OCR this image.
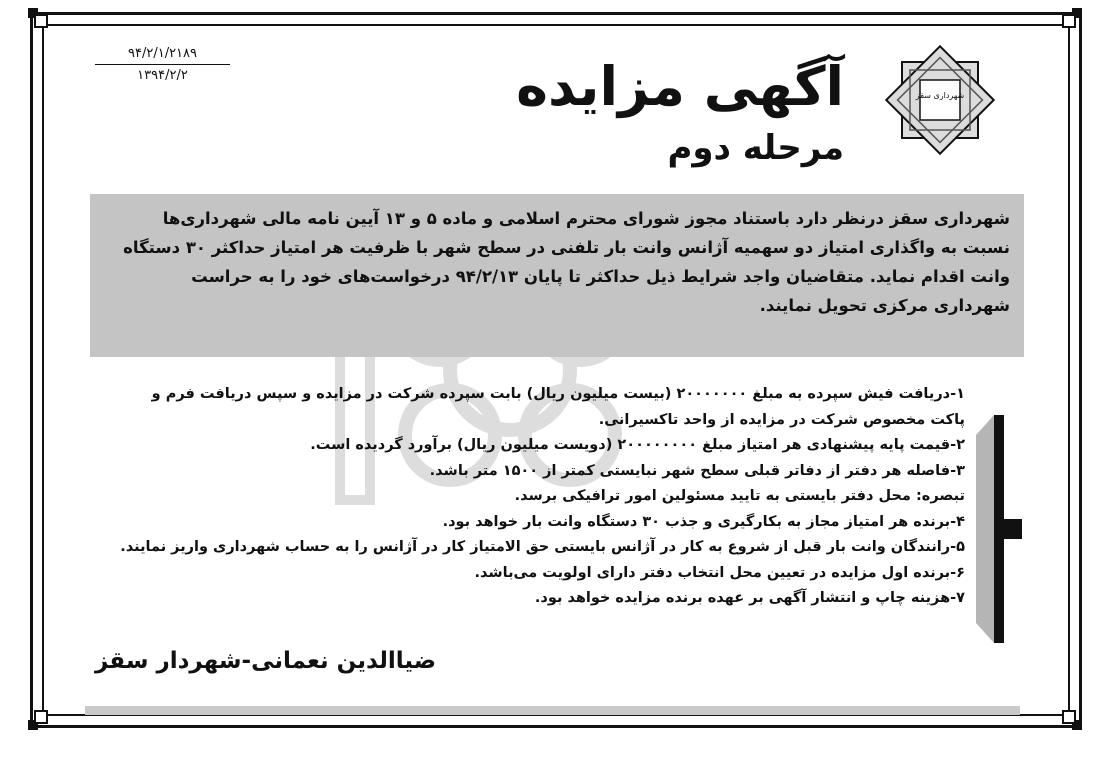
۹۴/۲/۱/۲۱۸۹
۱۳۹۴/۲/۲	آگهی مزایده
مرحله دوم
شهرداری سقز
شهرداری سقز درنظر دارد باستناد مجوز شورای محترم اسلامی و ماده ۵ و ۱۳ آیین نامه مالی شهرداری‌ها
نسبت به واگذاری امتیاز دو سهمیه آژانس وانت بار تلفنی در سطح شهر با ظرفیت هر امتیاز حداکثر ۳۰ دستگاه
وانت اقدام نماید. متقاضیان واجد شرایط ذیل حداکثر تا پایان ۹۴/۲/۱۳ درخواست‌های خود را به حراست
شهرداری مرکزی تحویل نمایند.
۱-دریافت فیش سپرده به مبلغ ۲۰۰۰۰۰۰۰ (بیست میلیون ریال) بابت سپرده شرکت در مزایده و سپس دریافت فرم و
پاکت مخصوص شرکت در مزایده از واحد تاکسیرانی.
۲-قیمت پایه پیشنهادی هر امتیاز مبلغ ۲۰۰۰۰۰۰۰۰ (دویست میلیون ریال) برآورد گردیده است.
۳-فاصله هر دفتر از دفاتر قبلی سطح شهر نبایستی کمتر از ۱۵۰۰ متر باشد.
تبصره: محل دفتر بایستی به تایید مسئولین امور ترافیکی برسد.
۴-برنده هر امتیاز مجاز به بکارگیری و جذب ۳۰ دستگاه وانت بار خواهد بود.
۵-رانندگان وانت بار قبل از شروع به کار در آژانس بایستی حق الامتیاز کار در آژانس را به حساب شهرداری واریز نمایند.
۶-برنده اول مزایده در تعیین محل انتخاب دفتر دارای اولویت می‌باشد.
۷-هزینه چاپ و انتشار آگهی بر عهده برنده مزایده خواهد بود.
ضیاالدین نعمانی-شهردار سقز
